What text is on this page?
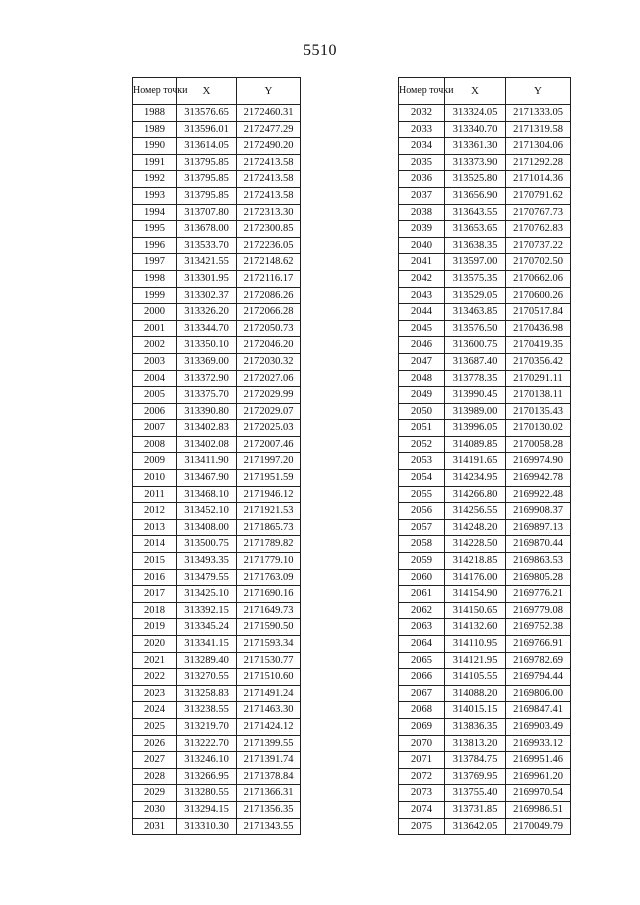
5510
Номер точки	X	Y
1988	313576.65	2172460.31
1989	313596.01	2172477.29
1990	313614.05	2172490.20
1991	313795.85	2172413.58
1992	313795.85	2172413.58
1993	313795.85	2172413.58
1994	313707.80	2172313.30
1995	313678.00	2172300.85
1996	313533.70	2172236.05
1997	313421.55	2172148.62
1998	313301.95	2172116.17
1999	313302.37	2172086.26
2000	313326.20	2172066.28
2001	313344.70	2172050.73
2002	313350.10	2172046.20
2003	313369.00	2172030.32
2004	313372.90	2172027.06
2005	313375.70	2172029.99
2006	313390.80	2172029.07
2007	313402.83	2172025.03
2008	313402.08	2172007.46
2009	313411.90	2171997.20
2010	313467.90	2171951.59
2011	313468.10	2171946.12
2012	313452.10	2171921.53
2013	313408.00	2171865.73
2014	313500.75	2171789.82
2015	313493.35	2171779.10
2016	313479.55	2171763.09
2017	313425.10	2171690.16
2018	313392.15	2171649.73
2019	313345.24	2171590.50
2020	313341.15	2171593.34
2021	313289.40	2171530.77
2022	313270.55	2171510.60
2023	313258.83	2171491.24
2024	313238.55	2171463.30
2025	313219.70	2171424.12
2026	313222.70	2171399.55
2027	313246.10	2171391.74
2028	313266.95	2171378.84
2029	313280.55	2171366.31
2030	313294.15	2171356.35
2031	313310.30	2171343.55
Номер точки	X	Y
2032	313324.05	2171333.05
2033	313340.70	2171319.58
2034	313361.30	2171304.06
2035	313373.90	2171292.28
2036	313525.80	2171014.36
2037	313656.90	2170791.62
2038	313643.55	2170767.73
2039	313653.65	2170762.83
2040	313638.35	2170737.22
2041	313597.00	2170702.50
2042	313575.35	2170662.06
2043	313529.05	2170600.26
2044	313463.85	2170517.84
2045	313576.50	2170436.98
2046	313600.75	2170419.35
2047	313687.40	2170356.42
2048	313778.35	2170291.11
2049	313990.45	2170138.11
2050	313989.00	2170135.43
2051	313996.05	2170130.02
2052	314089.85	2170058.28
2053	314191.65	2169974.90
2054	314234.95	2169942.78
2055	314266.80	2169922.48
2056	314256.55	2169908.37
2057	314248.20	2169897.13
2058	314228.50	2169870.44
2059	314218.85	2169863.53
2060	314176.00	2169805.28
2061	314154.90	2169776.21
2062	314150.65	2169779.08
2063	314132.60	2169752.38
2064	314110.95	2169766.91
2065	314121.95	2169782.69
2066	314105.55	2169794.44
2067	314088.20	2169806.00
2068	314015.15	2169847.41
2069	313836.35	2169903.49
2070	313813.20	2169933.12
2071	313784.75	2169951.46
2072	313769.95	2169961.20
2073	313755.40	2169970.54
2074	313731.85	2169986.51
2075	313642.05	2170049.79
